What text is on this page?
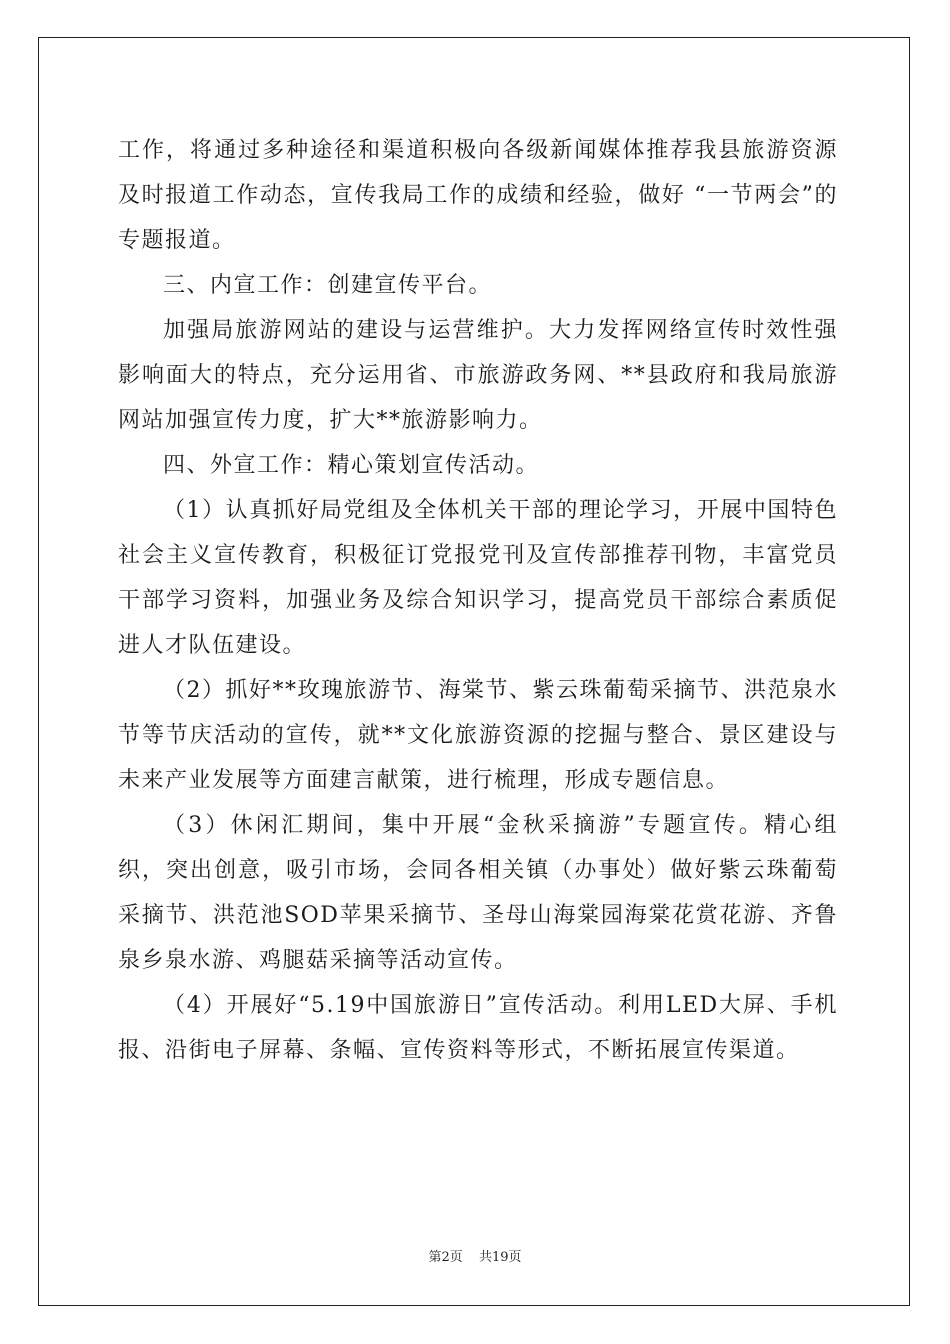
工作，将通过多种途径和渠道积极向各级新闻媒体推荐我县旅游资源及时报道工作动态，宣传我局工作的成绩和经验，做好 “一节两会”的专题报道。

三、内宣工作：创建宣传平台。

加强局旅游网站的建设与运营维护。大力发挥网络宣传时效性强影响面大的特点，充分运用省、市旅游政务网、**县政府和我局旅游网站加强宣传力度，扩大**旅游影响力。

四、外宣工作：精心策划宣传活动。

（1）认真抓好局党组及全体机关干部的理论学习，开展中国特色社会主义宣传教育，积极征订党报党刊及宣传部推荐刊物，丰富党员干部学习资料，加强业务及综合知识学习，提高党员干部综合素质促进人才队伍建设。

（2）抓好**玫瑰旅游节、海棠节、紫云珠葡萄采摘节、洪范泉水节等节庆活动的宣传，就**文化旅游资源的挖掘与整合、景区建设与未来产业发展等方面建言献策，进行梳理，形成专题信息。

（3）休闲汇期间，集中开展“金秋采摘游”专题宣传。精心组织，突出创意，吸引市场，会同各相关镇（办事处）做好紫云珠葡萄采摘节、洪范池SOD苹果采摘节、圣母山海棠园海棠花赏花游、齐鲁泉乡泉水游、鸡腿菇采摘等活动宣传。

（4）开展好“5.19中国旅游日”宣传活动。利用LED大屏、手机报、沿街电子屏幕、条幅、宣传资料等形式，不断拓展宣传渠道。

第2页 共19页
